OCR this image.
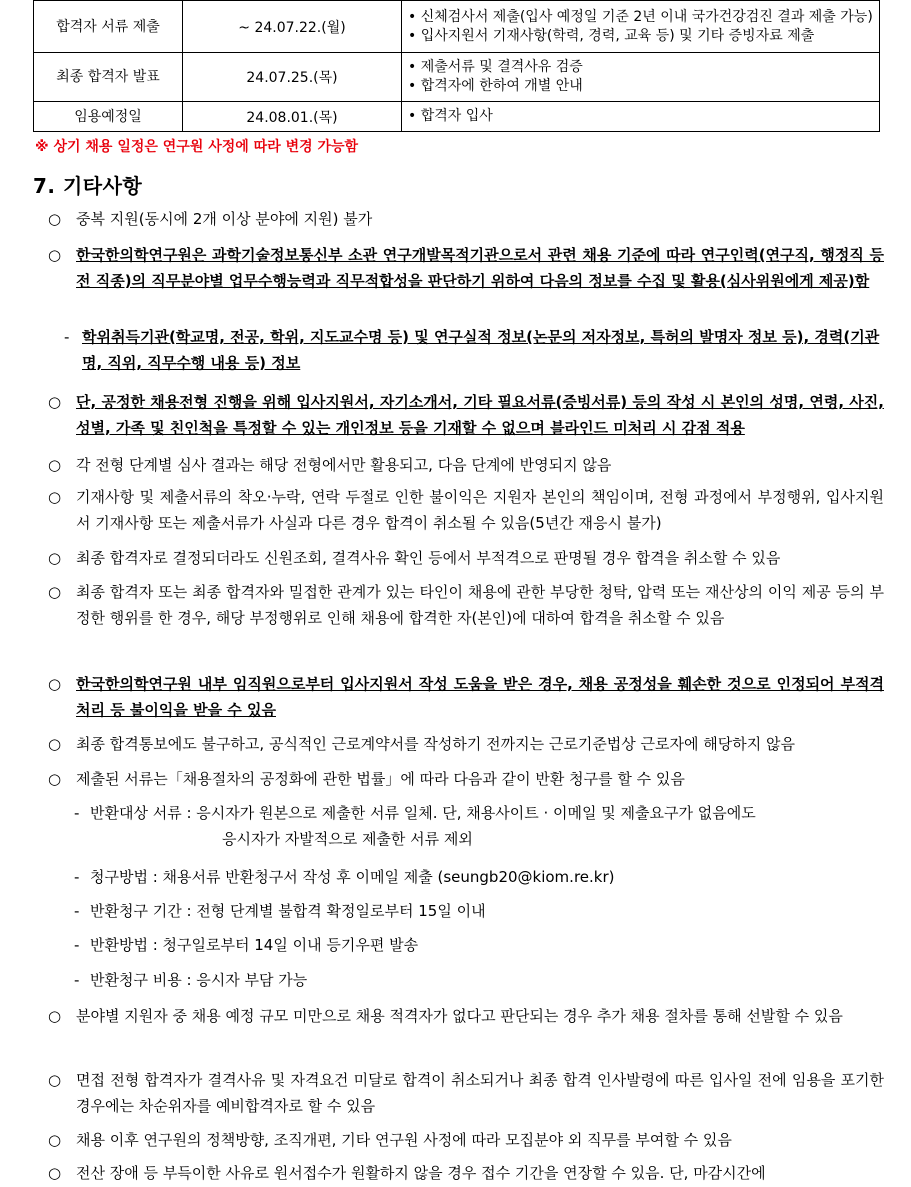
합격자 서류 제출	~ 24.07.22.(월)	• 신체검사서 제출(입사 예정일 기준 2년 이내 국가건강검진 결과 제출 가능)
• 입사지원서 기재사항(학력, 경력, 교육 등) 및 기타 증빙자료 제출

최종 합격자 발표	24.07.25.(목)	• 제출서류 및 결격사유 검증
• 합격자에 한하여 개별 안내

임용예정일	24.08.01.(목)	• 합격자 입사
※ 상기 채용 일정은 연구원 사정에 따라 변경 가능함
7. 기타사항
○ 중복 지원(동시에 2개 이상 분야에 지원) 불가
○ 한국한의학연구원은 과학기술정보통신부 소관 연구개발목적기관으로서 관련 채용 기준에 따라 연구인력(연구직, 행정직 등 전 직종)의 직무분야별 업무수행능력과 직무적합성을 판단하기 위하여 다음의 정보를 수집 및 활용(심사위원에게 제공)함
- 학위취득기관(학교명, 전공, 학위, 지도교수명 등) 및 연구실적 정보(논문의 저자정보, 특허의 발명자 정보 등), 경력(기관명, 직위, 직무수행 내용 등) 정보
○ 단, 공정한 채용전형 진행을 위해 입사지원서, 자기소개서, 기타 필요서류(증빙서류) 등의 작성 시 본인의 성명, 연령, 사진, 성별, 가족 및 친인척을 특정할 수 있는 개인정보 등을 기재할 수 없으며 블라인드 미처리 시 감점 적용
○ 각 전형 단계별 심사 결과는 해당 전형에서만 활용되고, 다음 단계에 반영되지 않음
○ 기재사항 및 제출서류의 착오·누락, 연락 두절로 인한 불이익은 지원자 본인의 책임이며, 전형 과정에서 부정행위, 입사지원서 기재사항 또는 제출서류가 사실과 다른 경우 합격이 취소될 수 있음(5년간 재응시 불가)
○ 최종 합격자로 결정되더라도 신원조회, 결격사유 확인 등에서 부적격으로 판명될 경우 합격을 취소할 수 있음
○ 최종 합격자 또는 최종 합격자와 밀접한 관계가 있는 타인이 채용에 관한 부당한 청탁, 압력 또는 재산상의 이익 제공 등의 부정한 행위를 한 경우, 해당 부정행위로 인해 채용에 합격한 자(본인)에 대하여 합격을 취소할 수 있음
○ 한국한의학연구원 내부 임직원으로부터 입사지원서 작성 도움을 받은 경우, 채용 공정성을 훼손한 것으로 인정되어 부적격 처리 등 불이익을 받을 수 있음
○ 최종 합격통보에도 불구하고, 공식적인 근로계약서를 작성하기 전까지는 근로기준법상 근로자에 해당하지 않음
○ 제출된 서류는「채용절차의 공정화에 관한 법률」에 따라 다음과 같이 반환 청구를 할 수 있음
- 반환대상 서류 : 응시자가 원본으로 제출한 서류 일체. 단, 채용사이트 · 이메일 및 제출요구가 없음에도

응시자가 자발적으로 제출한 서류 제외
- 청구방법 : 채용서류 반환청구서 작성 후 이메일 제출 (seungb20@kiom.re.kr)
- 반환청구 기간 : 전형 단계별 불합격 확정일로부터 15일 이내
- 반환방법 : 청구일로부터 14일 이내 등기우편 발송
- 반환청구 비용 : 응시자 부담 가능
○ 분야별 지원자 중 채용 예정 규모 미만으로 채용 적격자가 없다고 판단되는 경우 추가 채용 절차를 통해 선발할 수 있음
○ 면접 전형 합격자가 결격사유 및 자격요건 미달로 합격이 취소되거나 최종 합격 인사발령에 따른 입사일 전에 임용을 포기한 경우에는 차순위자를 예비합격자로 할 수 있음
○ 채용 이후 연구원의 정책방향, 조직개편, 기타 연구원 사정에 따라 모집분야 외 직무를 부여할 수 있음
○ 전산 장애 등 부득이한 사유로 원서접수가 원활하지 않을 경우 접수 기간을 연장할 수 있음. 단, 마감시간에
